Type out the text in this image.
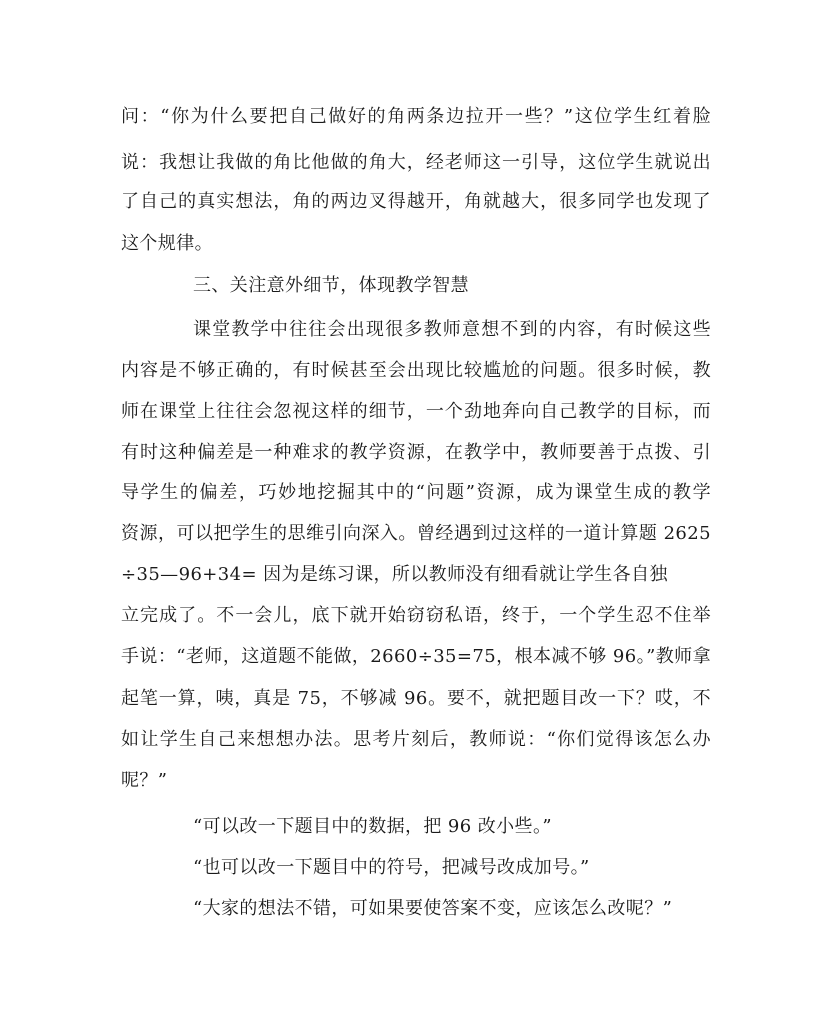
问：“你为什么要把自己做好的角两条边拉开一些？”这位学生红着脸
说：我想让我做的角比他做的角大，经老师这一引导，这位学生就说出
了自己的真实想法，角的两边叉得越开，角就越大，很多同学也发现了
这个规律。
三、关注意外细节，体现教学智慧
课堂教学中往往会出现很多教师意想不到的内容，有时候这些
内容是不够正确的，有时候甚至会出现比较尴尬的问题。很多时候，教
师在课堂上往往会忽视这样的细节，一个劲地奔向自己教学的目标，而
有时这种偏差是一种难求的教学资源，在教学中，教师要善于点拨、引
导学生的偏差，巧妙地挖掘其中的“问题”资源，成为课堂生成的教学
资源，可以把学生的思维引向深入。曾经遇到过这样的一道计算题 2625
÷35—96+34= 因为是练习课，所以教师没有细看就让学生各自独
立完成了。不一会儿，底下就开始窃窃私语，终于，一个学生忍不住举
手说：“老师，这道题不能做，2660÷35=75，根本减不够 96。”教师拿
起笔一算，咦，真是 75，不够减 96。要不，就把题目改一下？哎，不
如让学生自己来想想办法。思考片刻后，教师说：“你们觉得该怎么办
呢？”
“可以改一下题目中的数据，把 96 改小些。”
“也可以改一下题目中的符号，把减号改成加号。”
“大家的想法不错，可如果要使答案不变，应该怎么改呢？”
